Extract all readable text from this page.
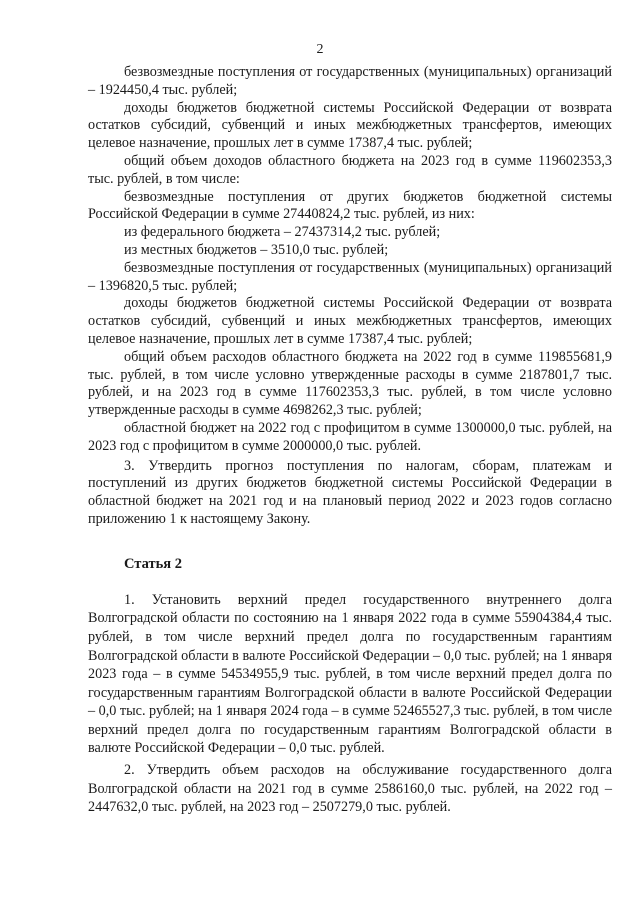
2

безвозмездные поступления от государственных (муниципальных) организаций – 1924450,4 тыс. рублей;

доходы бюджетов бюджетной системы Российской Федерации от возврата остатков субсидий, субвенций и иных межбюджетных трансфертов, имеющих целевое назначение, прошлых лет в сумме 17387,4 тыс. рублей;

общий объем доходов областного бюджета на 2023 год в сумме 119602353,3 тыс. рублей, в том числе:

безвозмездные поступления от других бюджетов бюджетной системы Российской Федерации в сумме 27440824,2 тыс. рублей, из них:

из федерального бюджета – 27437314,2 тыс. рублей;

из местных бюджетов – 3510,0 тыс. рублей;

безвозмездные поступления от государственных (муниципальных) организаций – 1396820,5 тыс. рублей;

доходы бюджетов бюджетной системы Российской Федерации от возврата остатков субсидий, субвенций и иных межбюджетных трансфертов, имеющих целевое назначение, прошлых лет в сумме 17387,4 тыс. рублей;

общий объем расходов областного бюджета на 2022 год в сумме 119855681,9 тыс. рублей, в том числе условно утвержденные расходы в сумме 2187801,7 тыс. рублей, и на 2023 год в сумме 117602353,3 тыс. рублей, в том числе условно утвержденные расходы в сумме 4698262,3 тыс. рублей;

областной бюджет на 2022 год с профицитом в сумме 1300000,0 тыс. рублей, на 2023 год с профицитом в сумме 2000000,0 тыс. рублей.

3. Утвердить прогноз поступления по налогам, сборам, платежам и поступлений из других бюджетов бюджетной системы Российской Федерации в областной бюджет на 2021 год и на плановый период 2022 и 2023 годов согласно приложению 1 к настоящему Закону.

Статья 2

1. Установить верхний предел государственного внутреннего долга Волгоградской области по состоянию на 1 января 2022 года в сумме 55904384,4 тыс. рублей, в том числе верхний предел долга по государственным гарантиям Волгоградской области в валюте Российской Федерации – 0,0 тыс. рублей; на 1 января 2023 года – в сумме 54534955,9 тыс. рублей, в том числе верхний предел долга по государственным гарантиям Волгоградской области в валюте Российской Федерации – 0,0 тыс. рублей; на 1 января 2024 года – в сумме 52465527,3 тыс. рублей, в том числе верхний предел долга по государственным гарантиям Волгоградской области в валюте Российской Федерации – 0,0 тыс. рублей.

2. Утвердить объем расходов на обслуживание государственного долга Волгоградской области на 2021 год в сумме 2586160,0 тыс. рублей, на 2022 год – 2447632,0 тыс. рублей, на 2023 год – 2507279,0 тыс. рублей.
